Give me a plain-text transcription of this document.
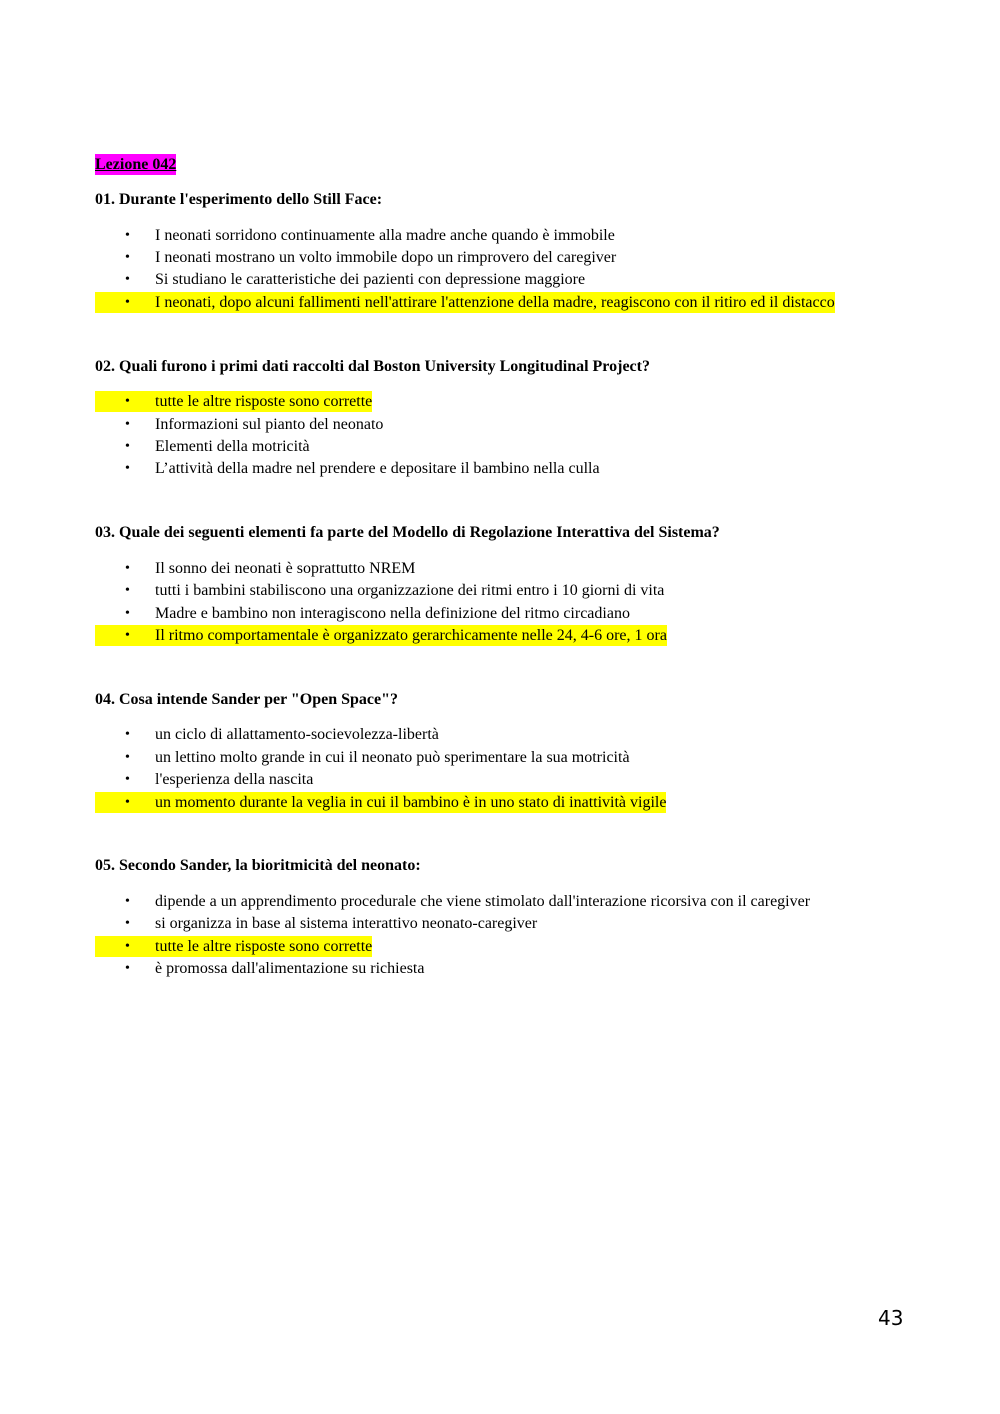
Lezione 042

01. Durante l'esperimento dello Still Face:

•	I neonati sorridono continuamente alla madre anche quando è immobile
•	I neonati mostrano un volto immobile dopo un rimprovero del caregiver
•	Si studiano le caratteristiche dei pazienti con depressione maggiore
•	I neonati, dopo alcuni fallimenti nell'attirare l'attenzione della madre, reagiscono con il ritiro ed il distacco

02. Quali furono i primi dati raccolti dal Boston University Longitudinal Project?

•	tutte le altre risposte sono corrette
•	Informazioni sul pianto del neonato
•	Elementi della motricità
•	L’attività della madre nel prendere e depositare il bambino nella culla

03. Quale dei seguenti elementi fa parte del Modello di Regolazione Interattiva del Sistema?

•	Il sonno dei neonati è soprattutto NREM
•	tutti i bambini stabiliscono una organizzazione dei ritmi entro i 10 giorni di vita
•	Madre e bambino non interagiscono nella definizione del ritmo circadiano
•	Il ritmo comportamentale è organizzato gerarchicamente nelle 24, 4-6 ore, 1 ora

04. Cosa intende Sander per "Open Space"?

•	un ciclo di allattamento-socievolezza-libertà
•	un lettino molto grande in cui il neonato può sperimentare la sua motricità
•	l'esperienza della nascita
•	un momento durante la veglia in cui il bambino è in uno stato di inattività vigile

05. Secondo Sander, la bioritmicità del neonato:

•	dipende a un apprendimento procedurale che viene stimolato dall'interazione ricorsiva con il caregiver
•	si organizza in base al sistema interattivo neonato-caregiver
•	tutte le altre risposte sono corrette
•	è promossa dall'alimentazione su richiesta
43
